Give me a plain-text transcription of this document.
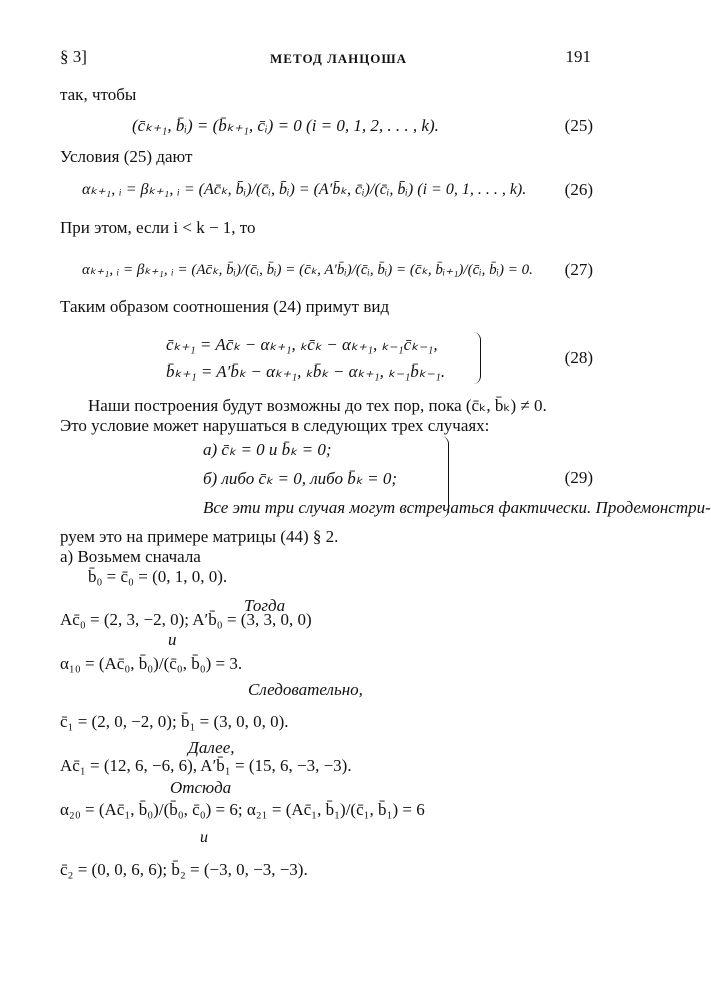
§ 3]	МЕТОД ЛАНЦОША	191
так, чтобы
(c̄ₖ₊₁, b̄ᵢ) = (b̄ₖ₊₁, c̄ᵢ) = 0 (i = 0, 1, 2, . . . , k).	(25)
Условия (25) дают
αₖ₊₁, ᵢ = βₖ₊₁, ᵢ = (Ac̄ₖ, b̄ᵢ)/(c̄ᵢ, b̄ᵢ) = (A′b̄ₖ, c̄ᵢ)/(c̄ᵢ, b̄ᵢ) (i = 0, 1, . . . , k). (26)
При этом, если i < k − 1, то
αₖ₊₁, ᵢ = βₖ₊₁, ᵢ = (Ac̄ₖ, b̄ᵢ)/(c̄ᵢ, b̄ᵢ) = (c̄ₖ, A′b̄ᵢ)/(c̄ᵢ, b̄ᵢ) = (c̄ₖ, b̄ᵢ₊₁)/(c̄ᵢ, b̄ᵢ) = 0. (27)
Таким образом соотношения (24) примут вид
c̄ₖ₊₁ = Ac̄ₖ − αₖ₊₁, ₖc̄ₖ − αₖ₊₁, ₖ₋₁c̄ₖ₋₁,
b̄ₖ₊₁ = A′b̄ₖ − αₖ₊₁, ₖb̄ₖ − αₖ₊₁, ₖ₋₁b̄ₖ₋₁.
(28)
Наши построения будут возможны до тех пор, пока (c̄ₖ, b̄ₖ) ≠ 0.
Это условие может нарушаться в следующих трех случаях:
а) c̄ₖ = 0 и b̄ₖ = 0;
б) либо c̄ₖ = 0, либо b̄ₖ = 0;
Все эти три случая могут встречаться фактически. Продемонстри-
(29)
руем это на примере матрицы (44) § 2.
а) Возьмем сначала
b̄₀ = c̄₀ = (0, 1, 0, 0).
Тогда
Ac̄₀ = (2, 3, −2, 0); A′b̄₀ = (3, 3, 0, 0)
и
α₁₀ = (Ac̄₀, b̄₀)/(c̄₀, b̄₀) = 3.
Следовательно,
c̄₁ = (2, 0, −2, 0); b̄₁ = (3, 0, 0, 0).
Далее,
Ac̄₁ = (12, 6, −6, 6), A′b̄₁ = (15, 6, −3, −3).
Отсюда
α₂₀ = (Ac̄₁, b̄₀)/(b̄₀, c̄₀) = 6; α₂₁ = (Ac̄₁, b̄₁)/(c̄₁, b̄₁) = 6
и
c̄₂ = (0, 0, 6, 6); b̄₂ = (−3, 0, −3, −3).
